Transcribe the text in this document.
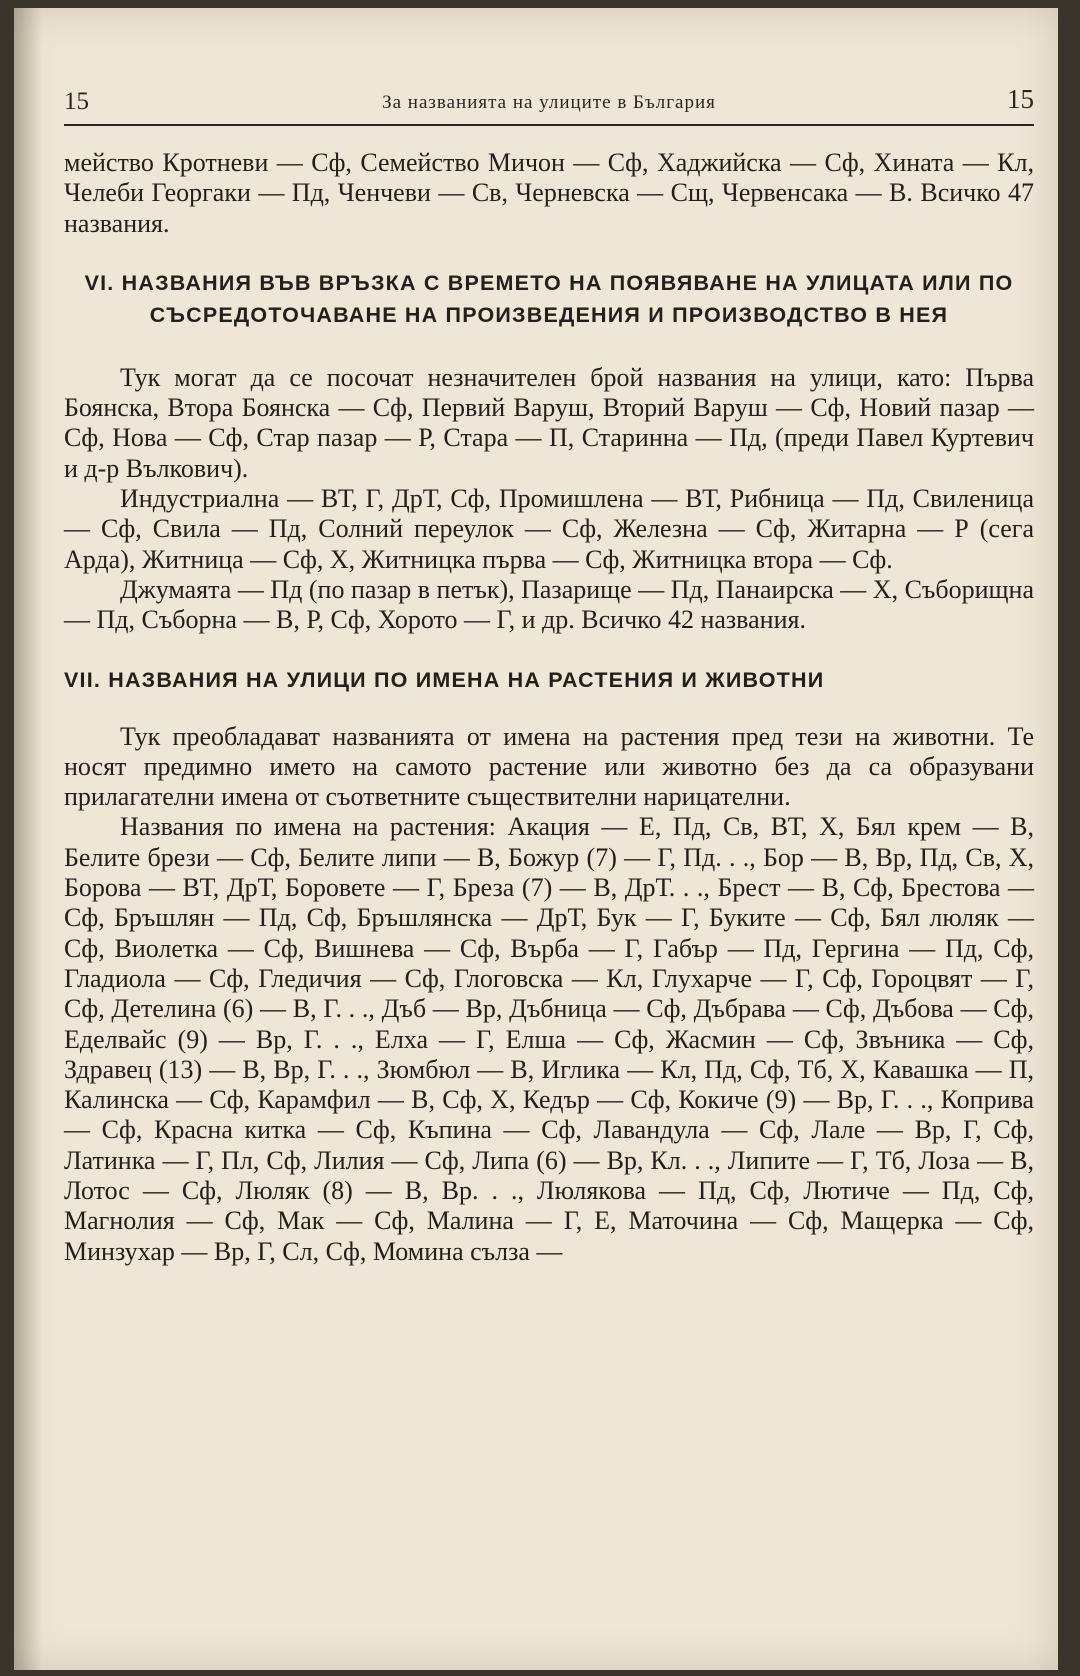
15	За названията на улиците в България	15

мейство Кротневи — Сф, Семейство Мичон — Сф, Хаджийска — Сф, Хината — Кл, Челеби Георгаки — Пд, Ченчеви — Св, Черневска — Сщ, Червенсака — В. Всичко 47 названия.

VI. НАЗВАНИЯ ВЪВ ВРЪЗКА С ВРЕМЕТО НА ПОЯВЯВАНЕ НА УЛИЦАТА ИЛИ ПО СЪСРЕДОТОЧАВАНЕ НА ПРОИЗВЕДЕНИЯ И ПРОИЗВОДСТВО В НЕЯ

Тук могат да се посочат незначителен брой названия на улици, като: Първа Боянска, Втора Боянска — Сф, Первий Варуш, Вторий Варуш — Сф, Новий пазар — Сф, Нова — Сф, Стар пазар — Р, Стара — П, Старинна — Пд, (преди Павел Куртевич и д-р Вълкович).

Индустриална — ВТ, Г, ДрТ, Сф, Промишлена — ВТ, Рибница — Пд, Свиленица — Сф, Свила — Пд, Солний переулок — Сф, Железна — Сф, Житарна — Р (сега Арда), Житница — Сф, Х, Житницка първа — Сф, Житницка втора — Сф.

Джумаята — Пд (по пазар в петък), Пазарище — Пд, Панаирска — Х, Съборищна — Пд, Съборна — В, Р, Сф, Хорото — Г, и др. Всичко 42 названия.

VII. НАЗВАНИЯ НА УЛИЦИ ПО ИМЕНА НА РАСТЕНИЯ И ЖИВОТНИ

Тук преобладават названията от имена на растения пред тези на животни. Те носят предимно името на самото растение или животно без да са образувани прилагателни имена от съответните съществителни нарицателни.

Названия по имена на растения: Акация — Е, Пд, Св, ВТ, Х, Бял крем — В, Белите брези — Сф, Белите липи — В, Божур (7) — Г, Пд. . ., Бор — В, Вр, Пд, Св, Х, Борова — ВТ, ДрТ, Боровете — Г, Бреза (7) — В, ДрТ. . ., Брест — В, Сф, Брестова — Сф, Бръшлян — Пд, Сф, Бръшлянска — ДрТ, Бук — Г, Буките — Сф, Бял люляк — Сф, Виолетка — Сф, Вишнева — Сф, Върба — Г, Габър — Пд, Гергина — Пд, Сф, Гладиола — Сф, Гледичия — Сф, Глоговска — Кл, Глухарче — Г, Сф, Гороцвят — Г, Сф, Детелина (6) — В, Г. . ., Дъб — Вр, Дъбница — Сф, Дъбрава — Сф, Дъбова — Сф, Еделвайс (9) — Вр, Г. . ., Елха — Г, Елша — Сф, Жасмин — Сф, Звъника — Сф, Здравец (13) — В, Вр, Г. . ., Зюмбюл — В, Иглика — Кл, Пд, Сф, Тб, Х, Кавашка — П, Калинска — Сф, Карамфил — В, Сф, Х, Кедър — Сф, Кокиче (9) — Вр, Г. . ., Коприва — Сф, Красна китка — Сф, Къпина — Сф, Лавандула — Сф, Лале — Вр, Г, Сф, Латинка — Г, Пл, Сф, Лилия — Сф, Липа (6) — Вр, Кл. . ., Липите — Г, Тб, Лоза — В, Лотос — Сф, Люляк (8) — В, Вр. . ., Люлякова — Пд, Сф, Лютиче — Пд, Сф, Магнолия — Сф, Мак — Сф, Малина — Г, Е, Маточина — Сф, Мащерка — Сф, Минзухар — Вр, Г, Сл, Сф, Момина сълза —
